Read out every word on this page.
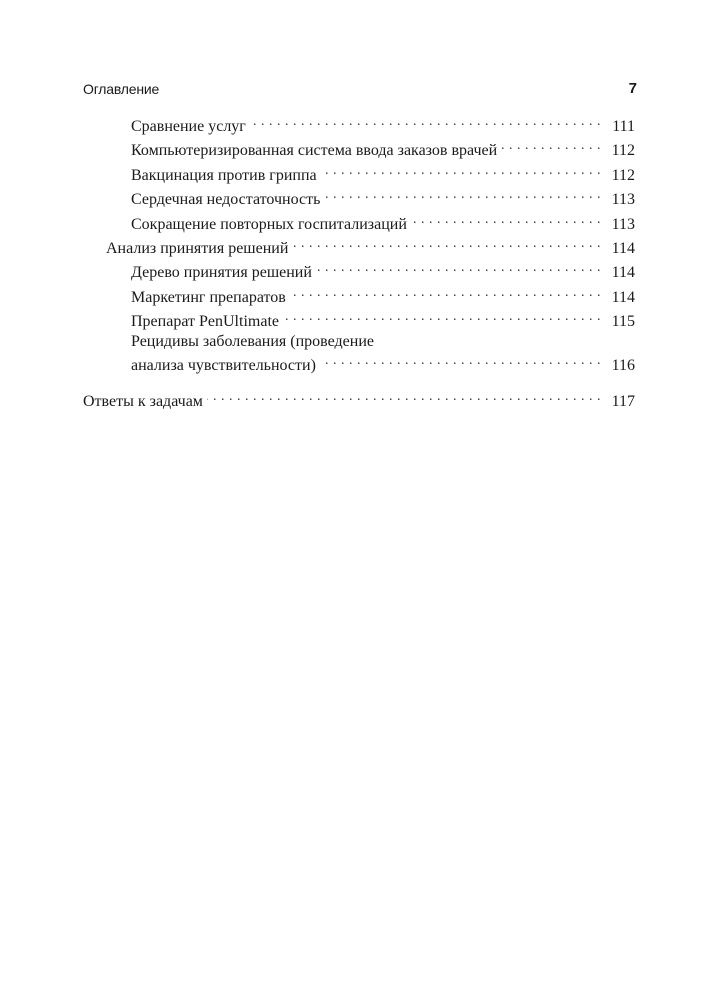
Оглавление	7
Сравнение услуг . . .	111
Компьютеризированная система ввода заказов врачей . . .	112
Вакцинация против гриппа . . .	112
Сердечная недостаточность . . .	113
Сокращение повторных госпитализаций . . .	113
Анализ принятия решений . . .	114
Дерево принятия решений . . .	114
Маркетинг препаратов . . .	114
Препарат PenUltimate . . .	115
Рецидивы заболевания (проведение
анализа чувствительности) . . .	116
Ответы к задачам . . .	117
